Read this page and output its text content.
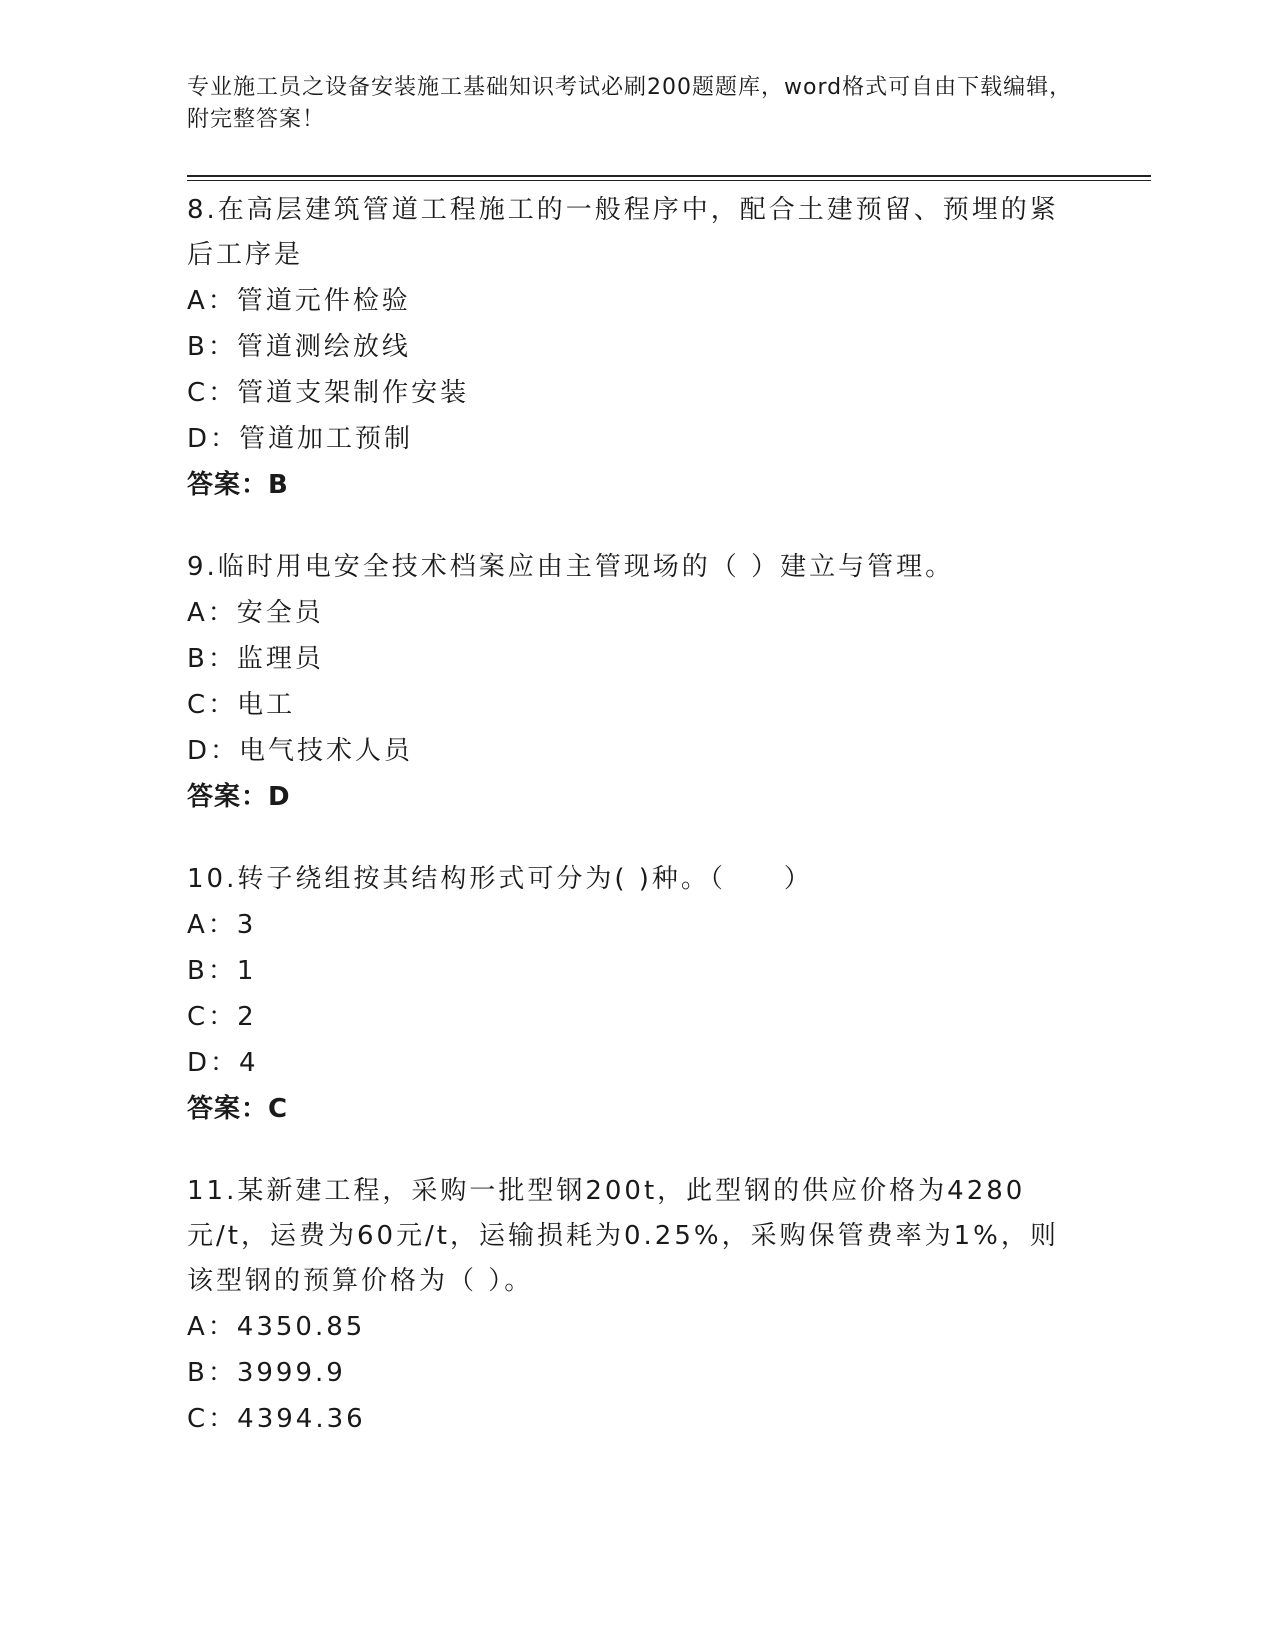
专业施工员之设备安装施工基础知识考试必刷200题题库，word格式可自由下载编辑，附完整答案！
8.在高层建筑管道工程施工的一般程序中，配合土建预留、预埋的紧后工序是
A：管道元件检验
B：管道测绘放线
C：管道支架制作安装
D：管道加工预制
答案：B
9.临时用电安全技术档案应由主管现场的（ ）建立与管理。
A：安全员
B：监理员
C：电工
D：电气技术人员
答案：D
10.转子绕组按其结构形式可分为( )种。（　　）
A：3
B：1
C：2
D：4
答案：C
11.某新建工程，采购一批型钢200t，此型钢的供应价格为4280元/t，运费为60元/t，运输损耗为0.25%，采购保管费率为1%，则该型钢的预算价格为（ ）。
A：4350.85
B：3999.9
C：4394.36
